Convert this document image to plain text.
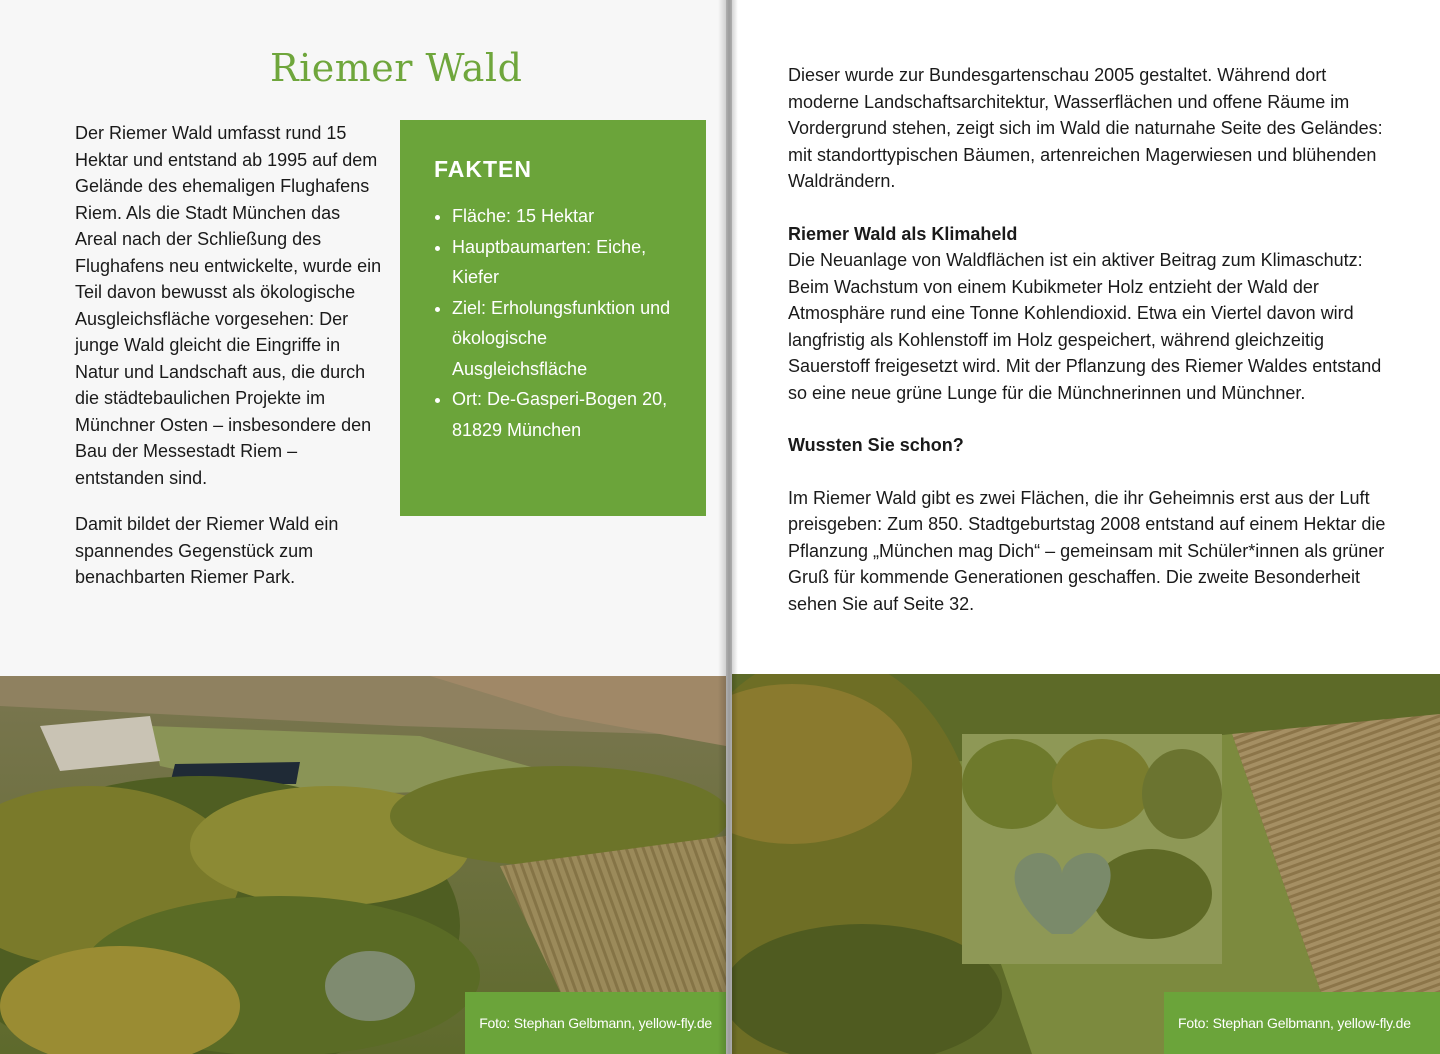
Riemer Wald

Der Riemer Wald umfasst rund 15 Hektar und entstand ab 1995 auf dem Gelände des ehemaligen Flughafens Riem. Als die Stadt München das Areal nach der Schließung des Flughafens neu entwickelte, wurde ein Teil davon bewusst als ökologische Ausgleichsfläche vorgesehen: Der junge Wald gleicht die Eingriffe in Natur und Landschaft aus, die durch die städtebaulichen Projekte im Münchner Osten – insbesondere den Bau der Messestadt Riem – entstanden sind.

Damit bildet der Riemer Wald ein spannendes Gegenstück zum benachbarten Riemer Park.

FAKTEN
• Fläche: 15 Hektar
• Hauptbaumarten: Eiche, Kiefer
• Ziel: Erholungsfunktion und ökologische Ausgleichsfläche
• Ort: De-Gasperi-Bogen 20, 81829 München
Foto: Stephan Gelbmann, yellow-fly.de

Dieser wurde zur Bundesgartenschau 2005 gestaltet. Während dort moderne Landschaftsarchitektur, Wasserflächen und offene Räume im Vordergrund stehen, zeigt sich im Wald die naturnahe Seite des Geländes: mit standorttypischen Bäumen, artenreichen Magerwiesen und blühenden Waldrändern.

Riemer Wald als Klimaheld

Die Neuanlage von Waldflächen ist ein aktiver Beitrag zum Klimaschutz: Beim Wachstum von einem Kubikmeter Holz entzieht der Wald der Atmosphäre rund eine Tonne Kohlendioxid. Etwa ein Viertel davon wird langfristig als Kohlenstoff im Holz gespeichert, während gleichzeitig Sauerstoff freigesetzt wird. Mit der Pflanzung des Riemer Waldes entstand so eine neue grüne Lunge für die Münchnerinnen und Münchner.

Wussten Sie schon?

Im Riemer Wald gibt es zwei Flächen, die ihr Geheimnis erst aus der Luft preisgeben: Zum 850. Stadtgeburtstag 2008 entstand auf einem Hektar die Pflanzung „München mag Dich“ – gemeinsam mit Schüler*innen als grüner Gruß für kommende Generationen geschaffen. Die zweite Besonderheit sehen Sie auf Seite 32.

Foto: Stephan Gelbmann, yellow-fly.de
